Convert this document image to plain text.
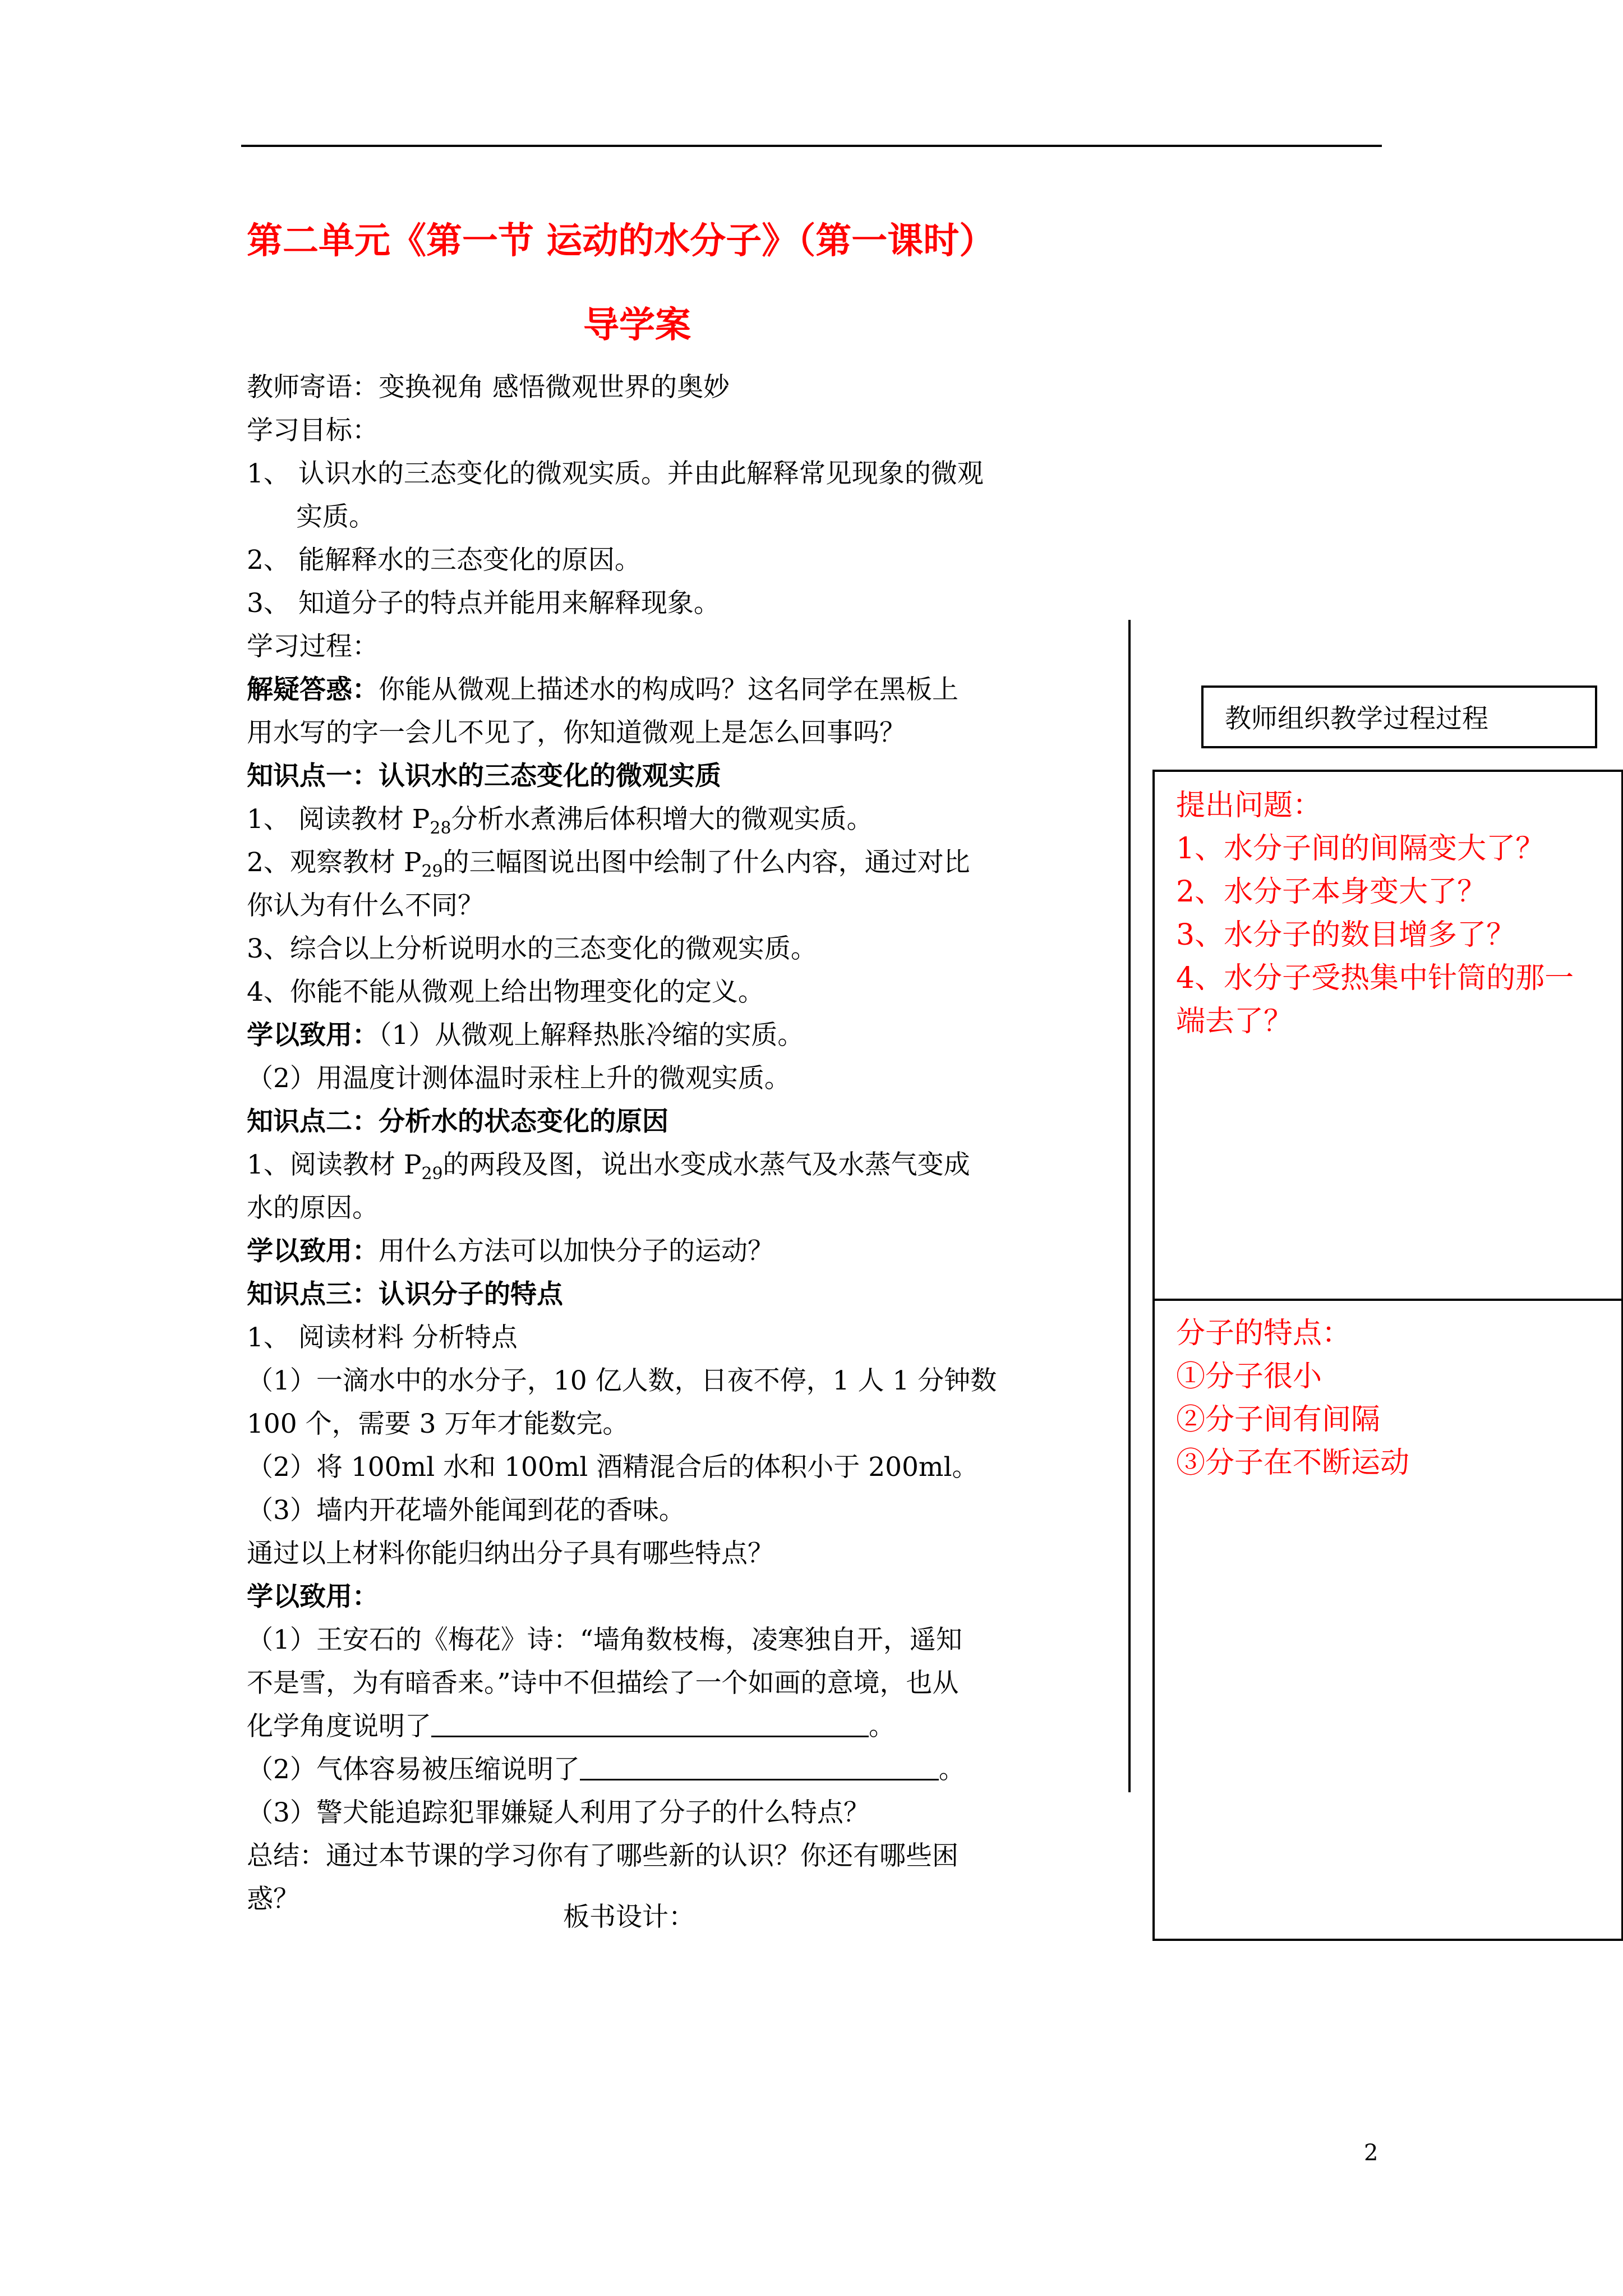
第二单元《第一节 运动的水分子》（第一课时）
导学案
教师寄语：变换视角 感悟微观世界的奥妙
学习目标：
1、 认识水的三态变化的微观实质。并由此解释常见现象的微观
实质。
2、 能解释水的三态变化的原因。
3、 知道分子的特点并能用来解释现象。
学习过程：
解疑答惑：你能从微观上描述水的构成吗？这名同学在黑板上
用水写的字一会儿不见了，你知道微观上是怎么回事吗？
知识点一：认识水的三态变化的微观实质
1、 阅读教材 $P_{28}$分析水煮沸后体积增大的微观实质。
2、观察教材 $P_{29}$的三幅图说出图中绘制了什么内容，通过对比
你认为有什么不同？
3、综合以上分析说明水的三态变化的微观实质。
4、你能不能从微观上给出物理变化的定义。
学以致用：（1）从微观上解释热胀冷缩的实质。
（2）用温度计测体温时汞柱上升的微观实质。
知识点二：分析水的状态变化的原因
1、阅读教材 $P_{29}$的两段及图，说出水变成水蒸气及水蒸气变成
水的原因。
学以致用：用什么方法可以加快分子的运动？
知识点三：认识分子的特点
1、 阅读材料 分析特点
（1）一滴水中的水分子，10 亿人数，日夜不停，1 人 1 分钟数
100 个，需要 3 万年才能数完。
（2）将 100ml 水和 100ml 酒精混合后的体积小于 200ml。
（3）墙内开花墙外能闻到花的香味。
通过以上材料你能归纳出分子具有哪些特点？
学以致用：
（1）王安石的《梅花》诗：“墙角数枝梅，凌寒独自开，遥知
不是雪，为有暗香来。”诗中不但描绘了一个如画的意境，也从
化学角度说明了	。
（2）气体容易被压缩说明了	。
（3）警犬能追踪犯罪嫌疑人利用了分子的什么特点？
总结：通过本节课的学习你有了哪些新的认识？你还有哪些困
惑？
板书设计：
教师组织教学过程过程
提出问题：
1、水分子间的间隔变大了？
2、水分子本身变大了？
3、水分子的数目增多了？
4、水分子受热集中针筒的那一
端去了？
分子的特点：
①分子很小
②分子间有间隔
③分子在不断运动
2
